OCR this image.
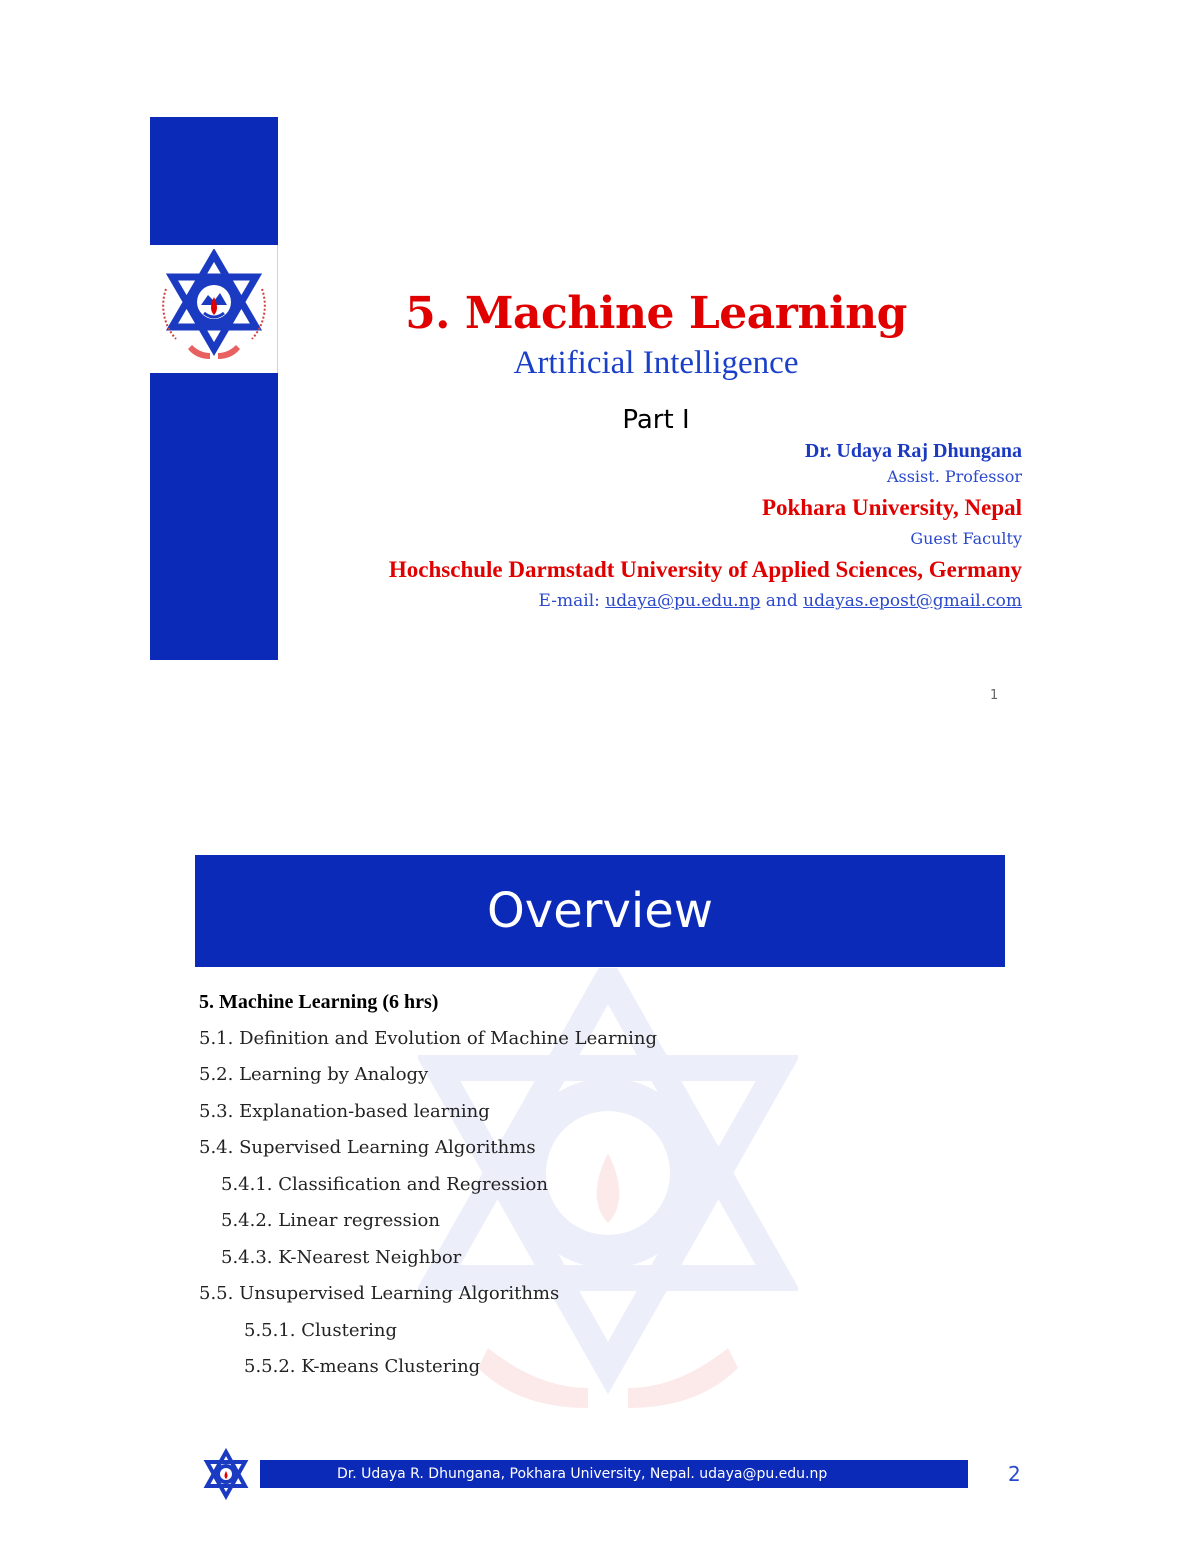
5. Machine Learning
Artificial Intelligence
Part I
Dr. Udaya Raj Dhungana
Assist. Professor
Pokhara University, Nepal
Guest Faculty
Hochschule Darmstadt University of Applied Sciences, Germany
E-mail: udaya@pu.edu.np and udayas.epost@gmail.com
1
Overview
5. Machine Learning (6 hrs)
5.1. Definition and Evolution of Machine Learning
5.2. Learning by Analogy
5.3. Explanation-based learning
5.4. Supervised Learning Algorithms
5.4.1. Classification and Regression
5.4.2. Linear regression
5.4.3. K-Nearest Neighbor
5.5. Unsupervised Learning Algorithms
5.5.1. Clustering
5.5.2. K-means Clustering
Dr. Udaya R. Dhungana, Pokhara University, Nepal. udaya@pu.edu.np	2
